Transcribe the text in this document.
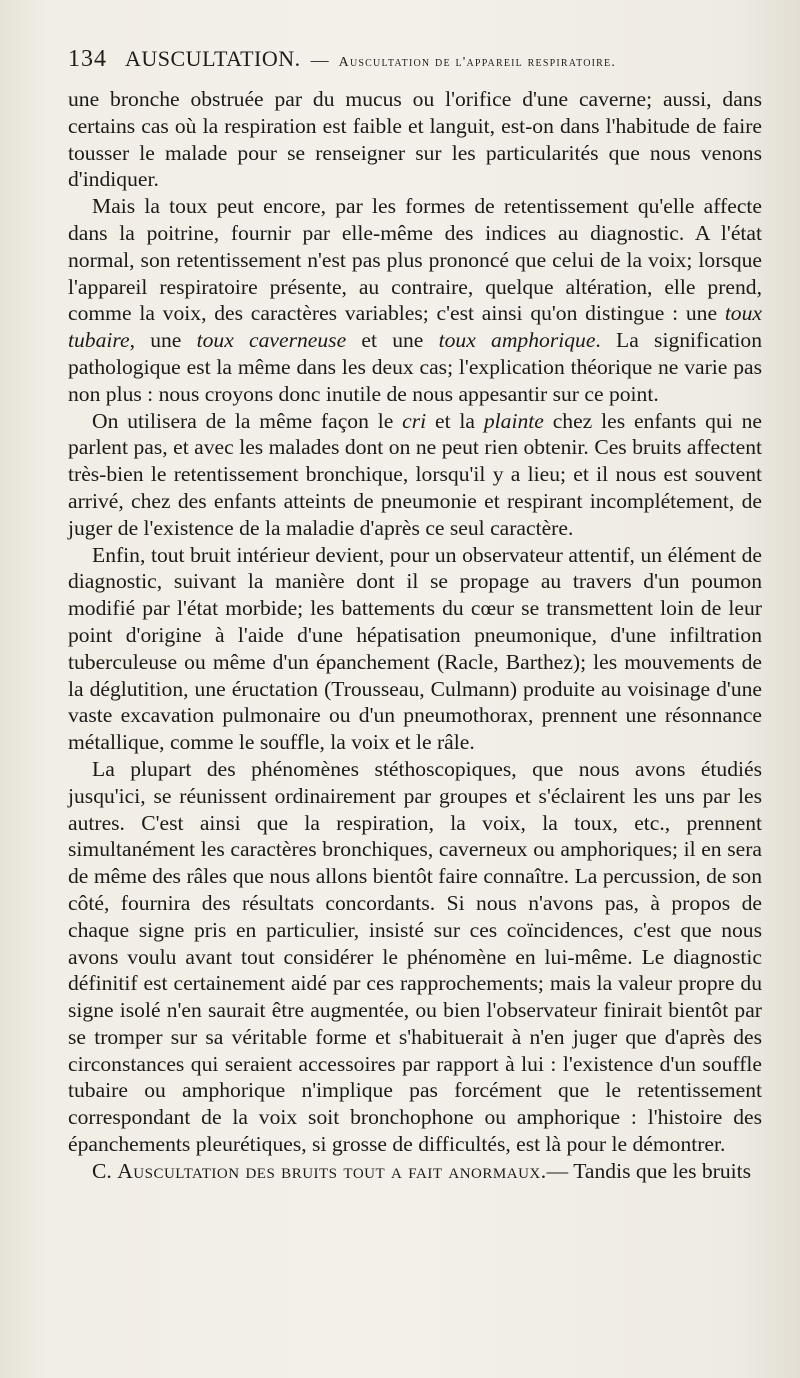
134 AUSCULTATION. — Auscultation de l'appareil respiratoire.

une bronche obstruée par du mucus ou l'orifice d'une caverne; aussi, dans certains cas où la respiration est faible et languit, est-on dans l'habitude de faire tousser le malade pour se renseigner sur les particularités que nous venons d'indiquer.

Mais la toux peut encore, par les formes de retentissement qu'elle affecte dans la poitrine, fournir par elle-même des indices au diagnostic. A l'état normal, son retentissement n'est pas plus prononcé que celui de la voix; lorsque l'appareil respiratoire présente, au contraire, quelque altération, elle prend, comme la voix, des caractères variables; c'est ainsi qu'on distingue : une toux tubaire, une toux caverneuse et une toux amphorique. La signification pathologique est la même dans les deux cas; l'explication théorique ne varie pas non plus : nous croyons donc inutile de nous appesantir sur ce point.

On utilisera de la même façon le cri et la plainte chez les enfants qui ne parlent pas, et avec les malades dont on ne peut rien obtenir. Ces bruits affectent très-bien le retentissement bronchique, lorsqu'il y a lieu; et il nous est souvent arrivé, chez des enfants atteints de pneumonie et respirant incomplétement, de juger de l'existence de la maladie d'après ce seul caractère.

Enfin, tout bruit intérieur devient, pour un observateur attentif, un élément de diagnostic, suivant la manière dont il se propage au travers d'un poumon modifié par l'état morbide; les battements du cœur se transmettent loin de leur point d'origine à l'aide d'une hépatisation pneumonique, d'une infiltration tuberculeuse ou même d'un épanchement (Racle, Barthez); les mouvements de la déglutition, une éructation (Trousseau, Culmann) produite au voisinage d'une vaste excavation pulmonaire ou d'un pneumothorax, prennent une résonnance métallique, comme le souffle, la voix et le râle.

La plupart des phénomènes stéthoscopiques, que nous avons étudiés jusqu'ici, se réunissent ordinairement par groupes et s'éclairent les uns par les autres. C'est ainsi que la respiration, la voix, la toux, etc., prennent simultanément les caractères bronchiques, caverneux ou amphoriques; il en sera de même des râles que nous allons bientôt faire connaître. La percussion, de son côté, fournira des résultats concordants. Si nous n'avons pas, à propos de chaque signe pris en particulier, insisté sur ces coïncidences, c'est que nous avons voulu avant tout considérer le phénomène en lui-même. Le diagnostic définitif est certainement aidé par ces rapprochements; mais la valeur propre du signe isolé n'en saurait être augmentée, ou bien l'observateur finirait bientôt par se tromper sur sa véritable forme et s'habituerait à n'en juger que d'après des circonstances qui seraient accessoires par rapport à lui : l'existence d'un souffle tubaire ou amphorique n'implique pas forcément que le retentissement correspondant de la voix soit bronchophone ou amphorique : l'histoire des épanchements pleurétiques, si grosse de difficultés, est là pour le démontrer.

C. Auscultation des bruits tout a fait anormaux.— Tandis que les bruits
